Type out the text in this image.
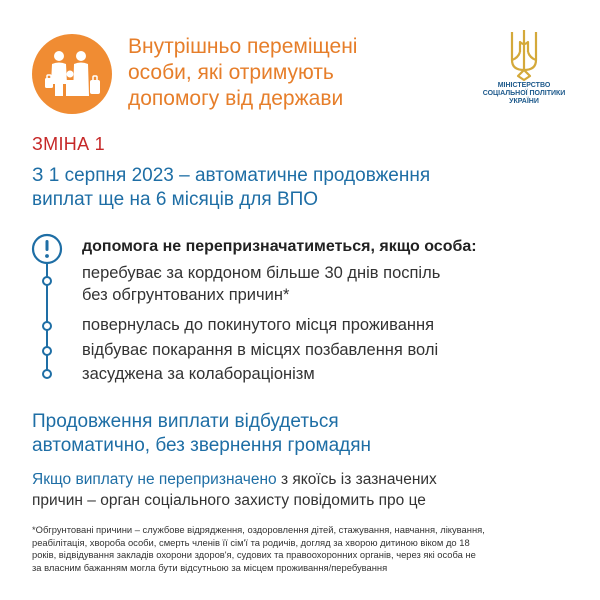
Внутрішньо переміщені
особи, які отримують
допомогу від держави
МІНІСТЕРСТВО
СОЦІАЛЬНОЇ ПОЛІТИКИ
УКРАЇНИ
ЗМІНА 1
З 1 серпня 2023 – автоматичне продовження
виплат ще на 6 місяців для ВПО
допомога не перепризначатиметься, якщо особа:
перебуває за кордоном більше 30 днів поспіль
без обгрунтованих причин*
повернулась до покинутого місця проживання
відбуває покарання в місцях позбавлення волі
засуджена за колабораціонізм
Продовження виплати відбудеться
автоматично, без звернення громадян
Якщо виплату не перепризначено з якоїсь із зазначених
причин – орган соціального захисту повідомить про це
*Обгрунтовані причини – службове відрядження, оздоровлення дітей, стажування, навчання, лікування,
реабілітація, хвороба особи, смерть членів її сім'ї та родичів, догляд за хворою дитиною віком до 18
років, відвідування закладів охорони здоров'я, судових та правоохоронних органів, через які особа не
за власним бажанням могла бути відсутньою за місцем проживання/перебування
